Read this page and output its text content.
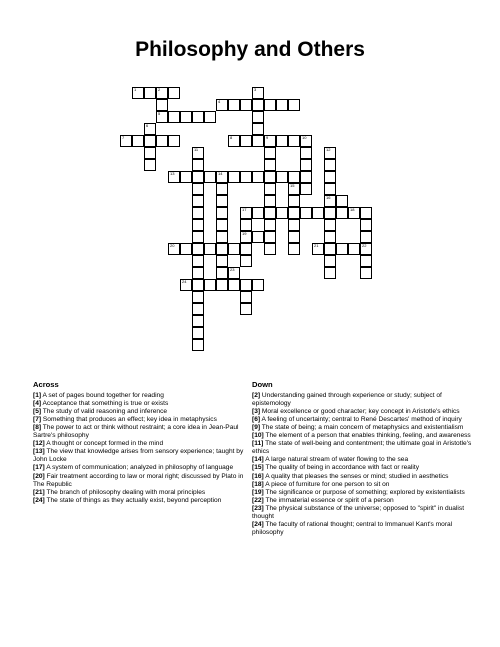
Philosophy and Others
1	2	3
4
5
6
7	8	9	10
11	12
13	14
15
16
17	18
19
20	21	22
23
24
Across

[1] A set of pages bound together for reading

[4] Acceptance that something is true or exists

[5] The study of valid reasoning and inference

[7] Something that produces an effect; key idea in metaphysics

[8] The power to act or think without restraint; a core idea in Jean-Paul Sartre's philosophy

[12] A thought or concept formed in the mind

[13] The view that knowledge arises from sensory experience; taught by John Locke

[17] A system of communication; analyzed in philosophy of language

[20] Fair treatment according to law or moral right; discussed by Plato in The Republic

[21] The branch of philosophy dealing with moral principles

[24] The state of things as they actually exist, beyond perception

Down

[2] Understanding gained through experience or study; subject of epistemology

[3] Moral excellence or good character; key concept in Aristotle's ethics

[6] A feeling of uncertainty; central to René Descartes' method of inquiry

[9] The state of being; a main concern of metaphysics and existentialism

[10] The element of a person that enables thinking, feeling, and awareness

[11] The state of well-being and contentment; the ultimate goal in Aristotle's ethics

[14] A large natural stream of water flowing to the sea

[15] The quality of being in accordance with fact or reality

[16] A quality that pleases the senses or mind; studied in aesthetics

[18] A piece of furniture for one person to sit on

[19] The significance or purpose of something; explored by existentialists

[22] The immaterial essence or spirit of a person

[23] The physical substance of the universe; opposed to "spirit" in dualist thought

[24] The faculty of rational thought; central to Immanuel Kant's moral philosophy
